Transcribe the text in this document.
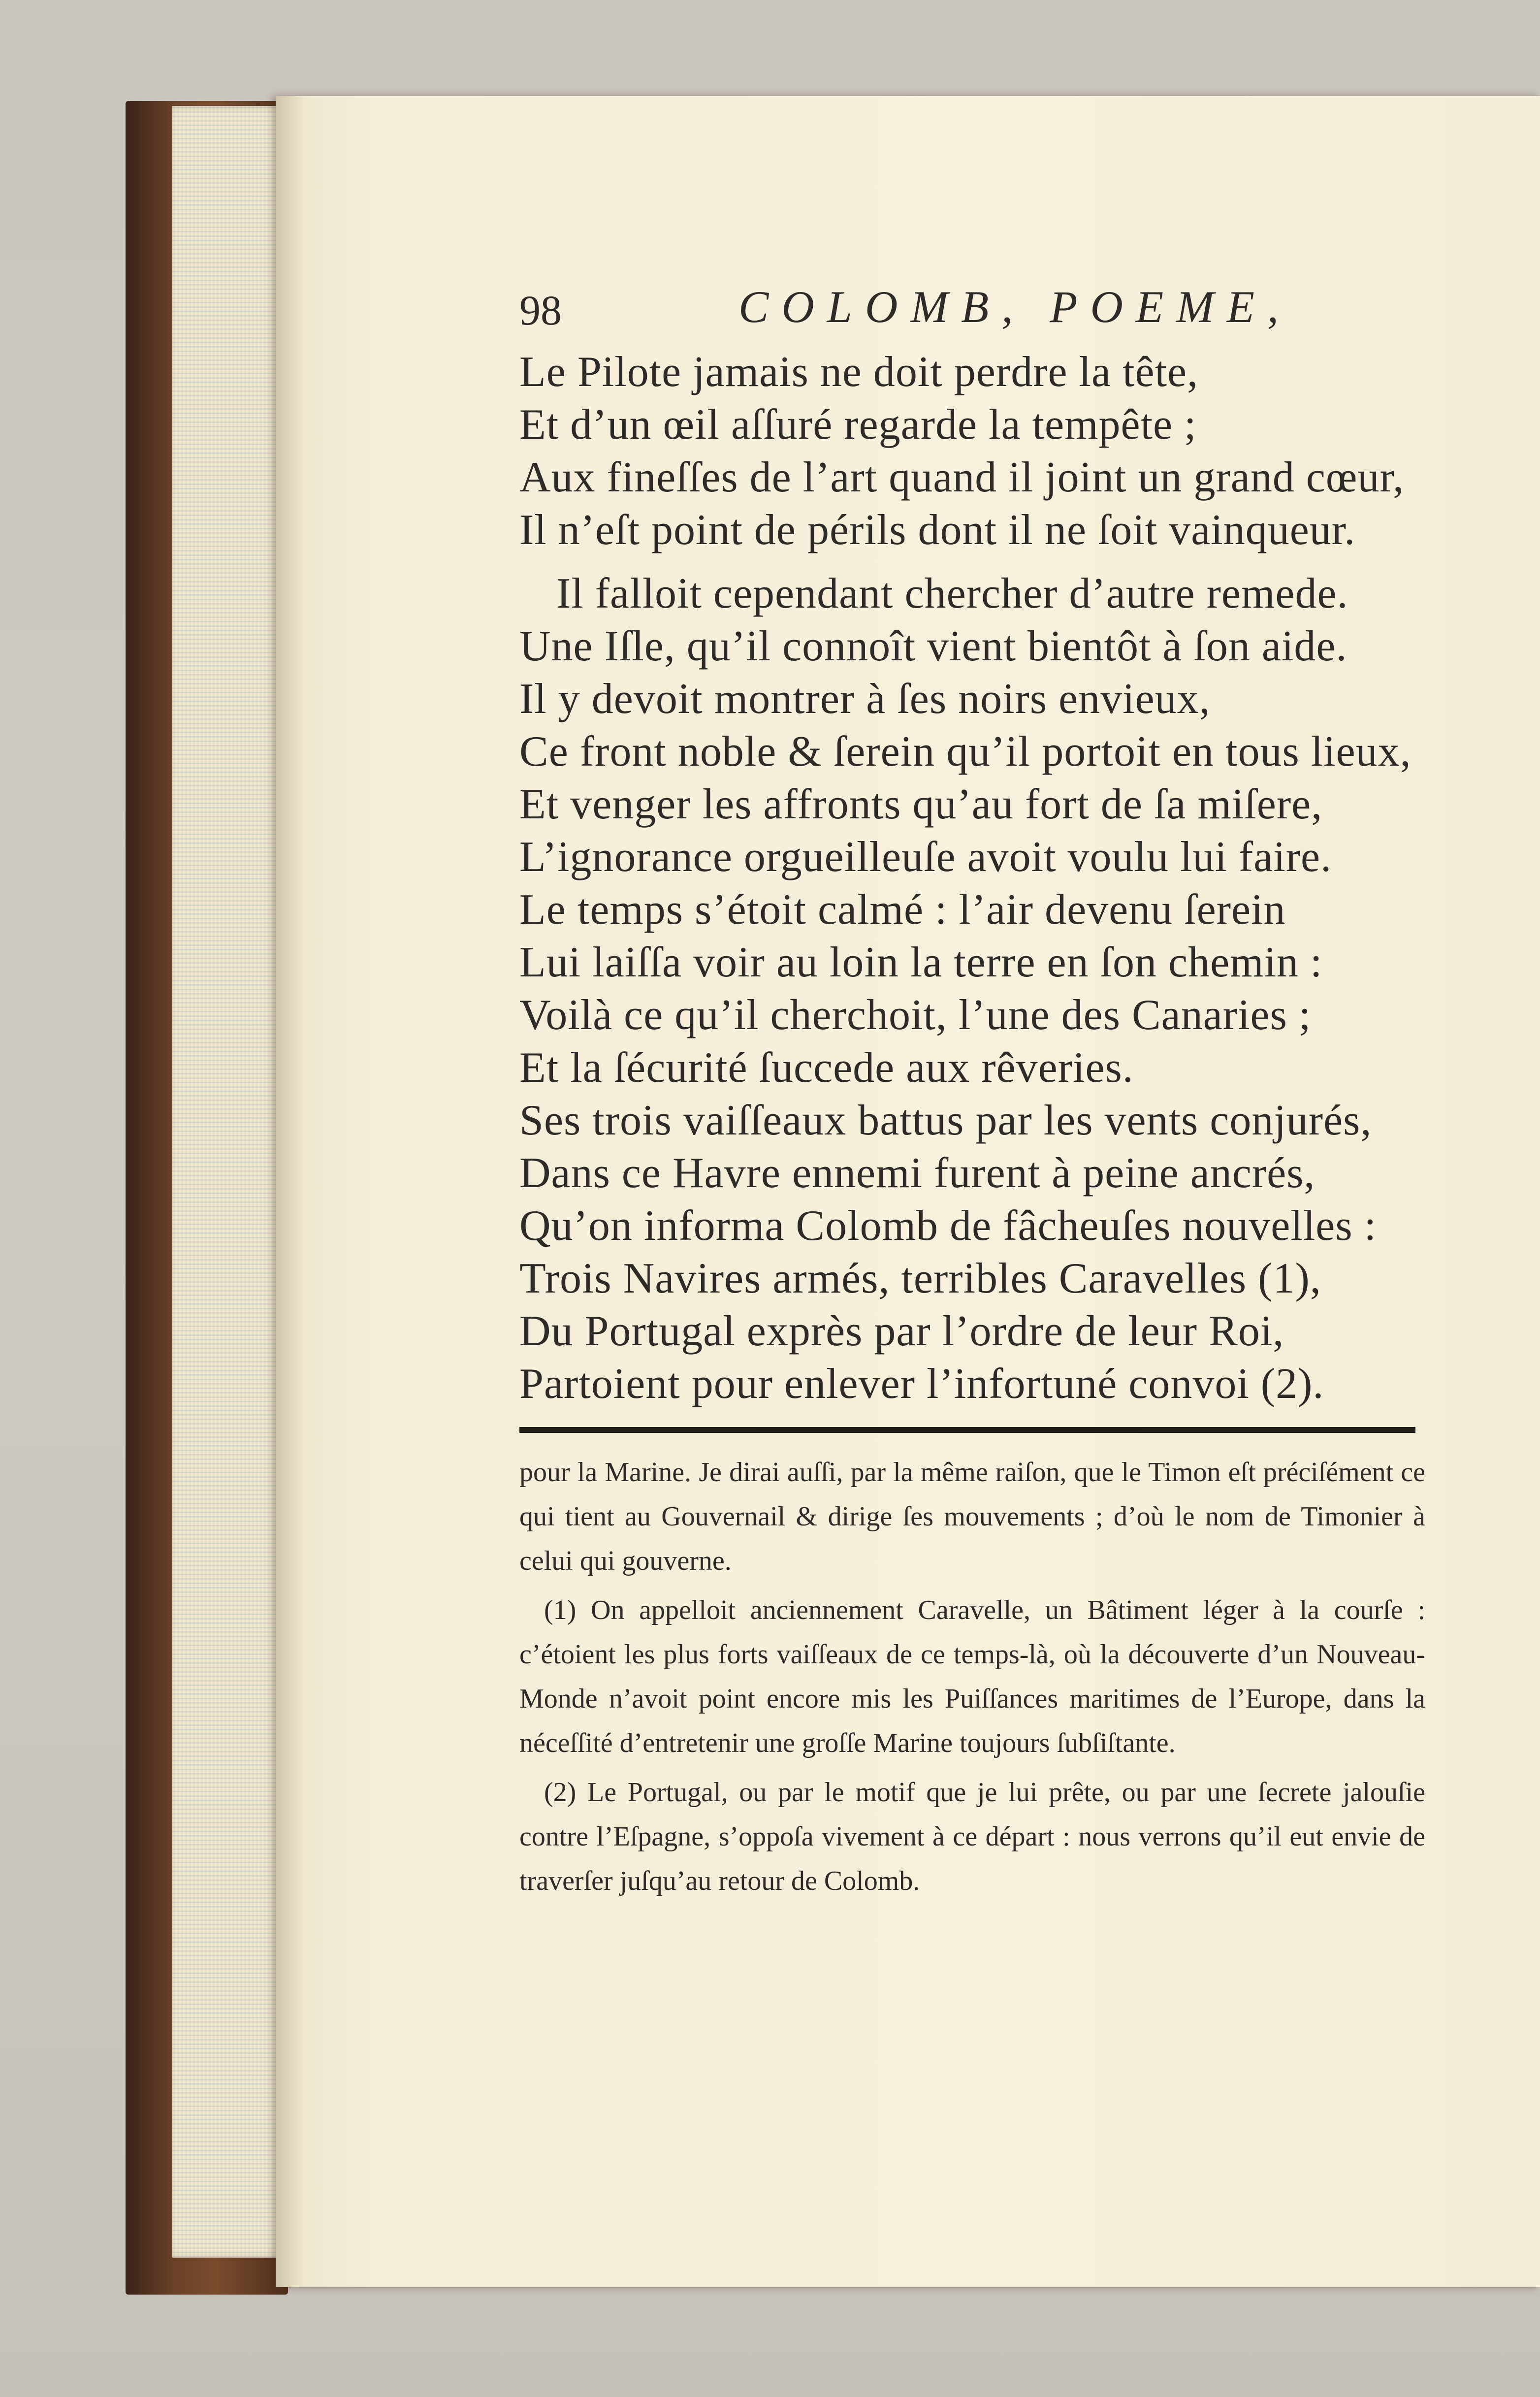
98	COLOMB, POEME,
Le Pilote jamais ne doit perdre la tête,
Et d’un œil aſſuré regarde la tempête ;
Aux fineſſes de l’art quand il joint un grand cœur,
Il n’eſt point de périls dont il ne ſoit vainqueur.
Il falloit cependant chercher d’autre remede.
Une Iſle, qu’il connoît vient bientôt à ſon aide.
Il y devoit montrer à ſes noirs envieux,
Ce front noble & ſerein qu’il portoit en tous lieux,
Et venger les affronts qu’au fort de ſa miſere,
L’ignorance orgueilleuſe avoit voulu lui faire.
Le temps s’étoit calmé : l’air devenu ſerein
Lui laiſſa voir au loin la terre en ſon chemin :
Voilà ce qu’il cherchoit, l’une des Canaries ;
Et la ſécurité ſuccede aux rêveries.
Ses trois vaiſſeaux battus par les vents conjurés,
Dans ce Havre ennemi furent à peine ancrés,
Qu’on informa Colomb de fâcheuſes nouvelles :
Trois Navires armés, terribles Caravelles (1),
Du Portugal exprès par l’ordre de leur Roi,
Partoient pour enlever l’infortuné convoi (2).

pour la Marine. Je dirai auſſi, par la même raiſon, que le Timon eſt préciſément ce qui tient au Gouvernail & dirige ſes mouvements ; d’où le nom de Timonier à celui qui gouverne.

(1) On appelloit anciennement Caravelle, un Bâtiment léger à la courſe : c’étoient les plus forts vaiſſeaux de ce temps-là, où la découverte d’un Nouveau-Monde n’avoit point encore mis les Puiſſances maritimes de l’Europe, dans la néceſſité d’entretenir une groſſe Marine toujours ſubſiſtante.

(2) Le Portugal, ou par le motif que je lui prête, ou par une ſecrete jalouſie contre l’Eſpagne, s’oppoſa vivement à ce départ : nous verrons qu’il eut envie de traverſer juſqu’au retour de Colomb.
